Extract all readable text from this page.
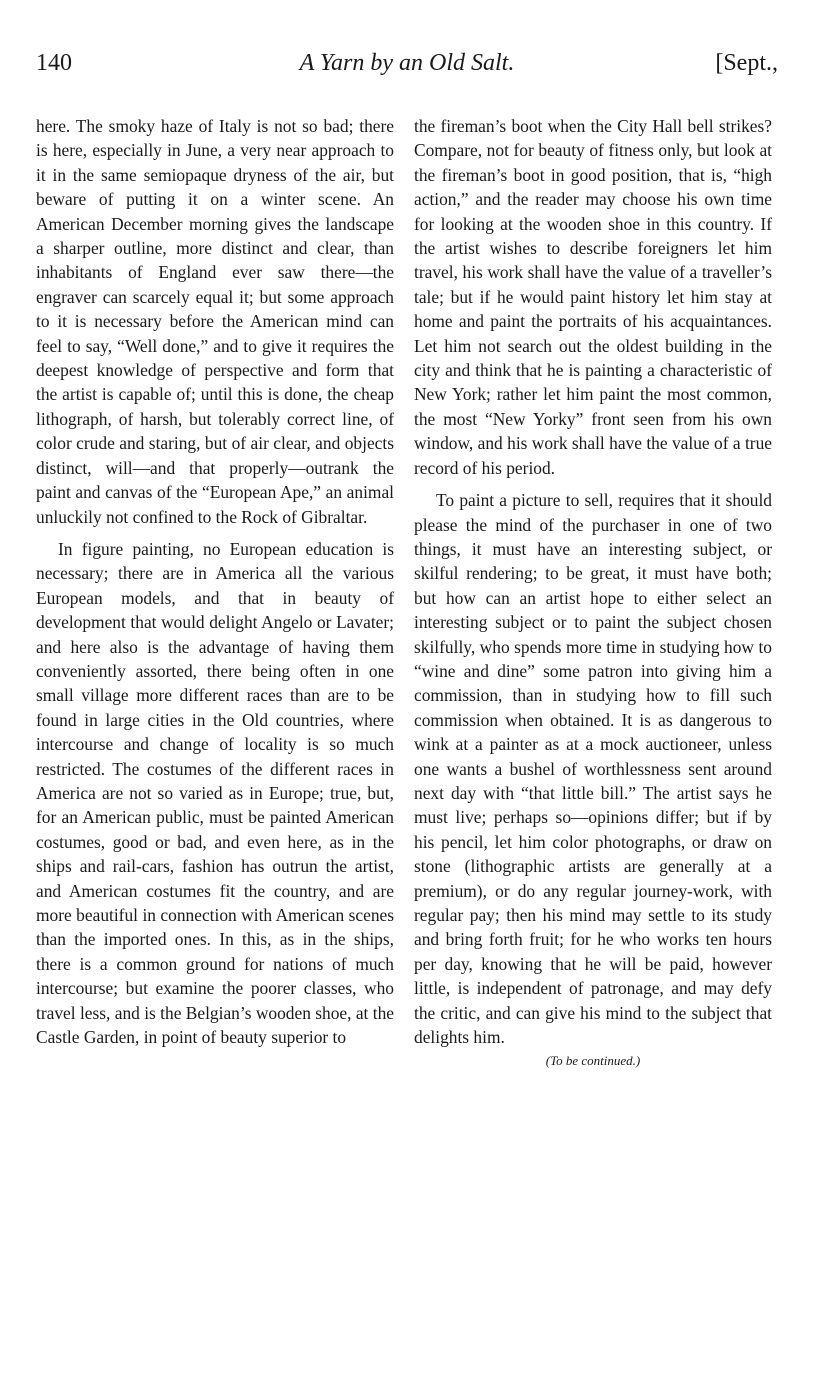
140	A Yarn by an Old Salt.	[Sept.,

here. The smoky haze of Italy is not so bad; there is here, especially in June, a very near approach to it in the same semiopaque dryness of the air, but beware of putting it on a winter scene. An American December morning gives the landscape a sharper outline, more distinct and clear, than inhabitants of England ever saw there—the engraver can scarcely equal it; but some approach to it is necessary before the American mind can feel to say, “Well done,” and to give it requires the deepest knowledge of perspective and form that the artist is capable of; until this is done, the cheap lithograph, of harsh, but tolerably correct line, of color crude and staring, but of air clear, and objects distinct, will—and that properly—outrank the paint and canvas of the “European Ape,” an animal unluckily not confined to the Rock of Gibraltar.

In figure painting, no European education is necessary; there are in America all the various European models, and that in beauty of development that would delight Angelo or Lavater; and here also is the advantage of having them conveniently assorted, there being often in one small village more different races than are to be found in large cities in the Old countries, where intercourse and change of locality is so much restricted. The costumes of the different races in America are not so varied as in Europe; true, but, for an American public, must be painted American costumes, good or bad, and even here, as in the ships and rail-cars, fashion has outrun the artist, and American costumes fit the country, and are more beautiful in connection with American scenes than the imported ones. In this, as in the ships, there is a common ground for nations of much intercourse; but examine the poorer classes, who travel less, and is the Belgian’s wooden shoe, at the Castle Garden, in point of beauty superior to

the fireman’s boot when the City Hall bell strikes? Compare, not for beauty of fitness only, but look at the fireman’s boot in good position, that is, “high action,” and the reader may choose his own time for looking at the wooden shoe in this country. If the artist wishes to describe foreigners let him travel, his work shall have the value of a traveller’s tale; but if he would paint history let him stay at home and paint the portraits of his acquaintances. Let him not search out the oldest building in the city and think that he is painting a characteristic of New York; rather let him paint the most common, the most “New Yorky” front seen from his own window, and his work shall have the value of a true record of his period.

To paint a picture to sell, requires that it should please the mind of the purchaser in one of two things, it must have an interesting subject, or skilful rendering; to be great, it must have both; but how can an artist hope to either select an interesting subject or to paint the subject chosen skilfully, who spends more time in studying how to “wine and dine” some patron into giving him a commission, than in studying how to fill such commission when obtained. It is as dangerous to wink at a painter as at a mock auctioneer, unless one wants a bushel of worthlessness sent around next day with “that little bill.” The artist says he must live; perhaps so—opinions differ; but if by his pencil, let him color photographs, or draw on stone (lithographic artists are generally at a premium), or do any regular journey-work, with regular pay; then his mind may settle to its study and bring forth fruit; for he who works ten hours per day, knowing that he will be paid, however little, is independent of patronage, and may defy the critic, and can give his mind to the subject that delights him.

(To be continued.)
